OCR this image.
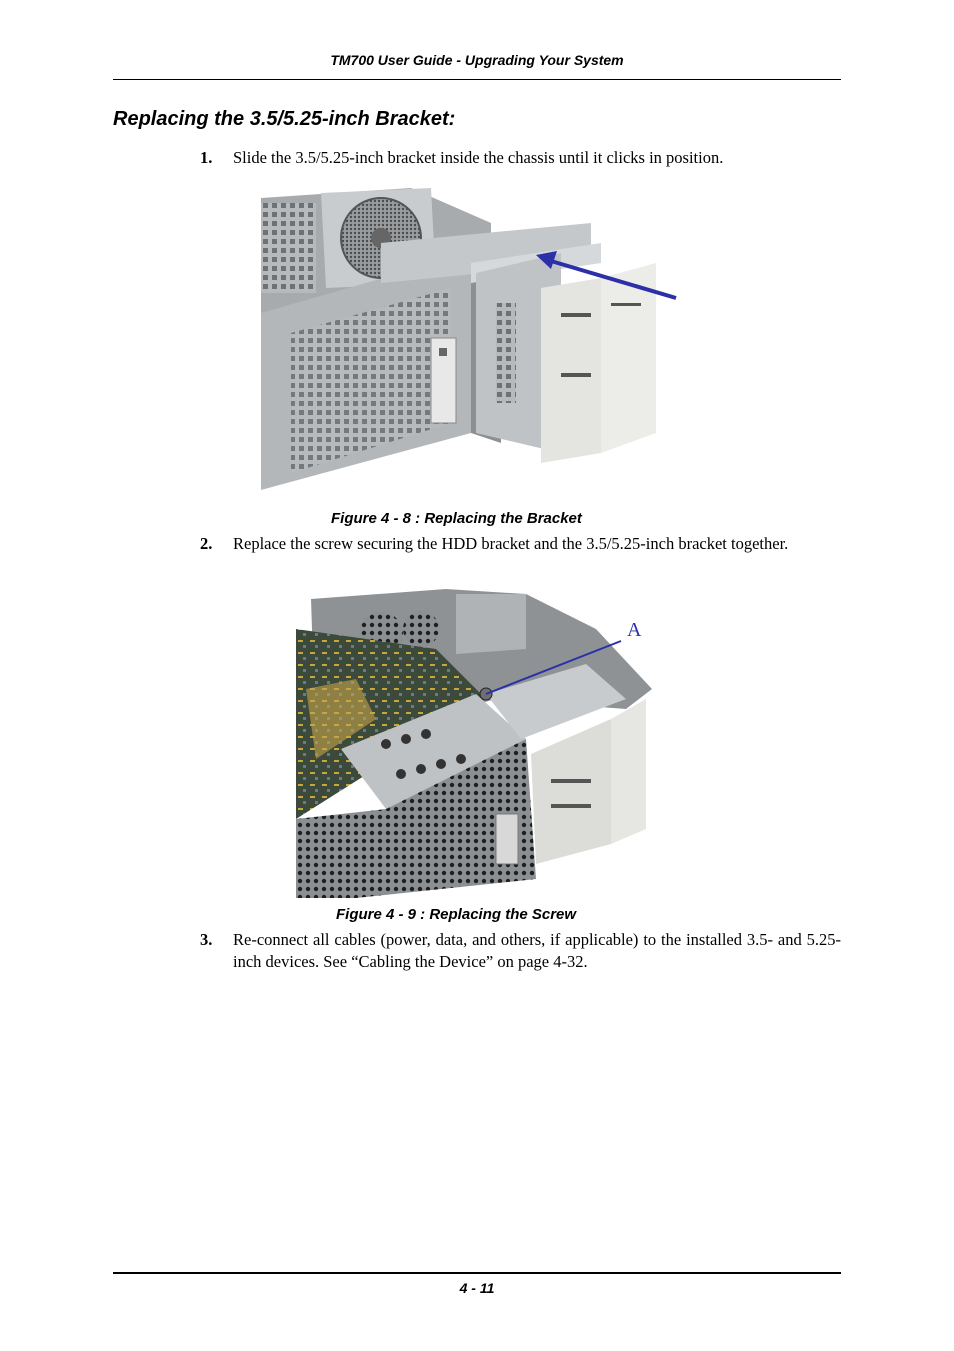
TM700 User Guide - Upgrading Your System
Replacing the 3.5/5.25-inch Bracket:
1. Slide the 3.5/5.25-inch bracket inside the chassis until it clicks in position.
Figure 4 - 8 : Replacing the Bracket
2. Replace the screw securing the HDD bracket and the 3.5/5.25-inch bracket together.
A
Figure 4 - 9 : Replacing the Screw
3. Re-connect all cables (power, data, and others, if applicable) to the installed 3.5- and 5.25-inch devices. See “Cabling the Device” on page 4-32.
4 - 11
